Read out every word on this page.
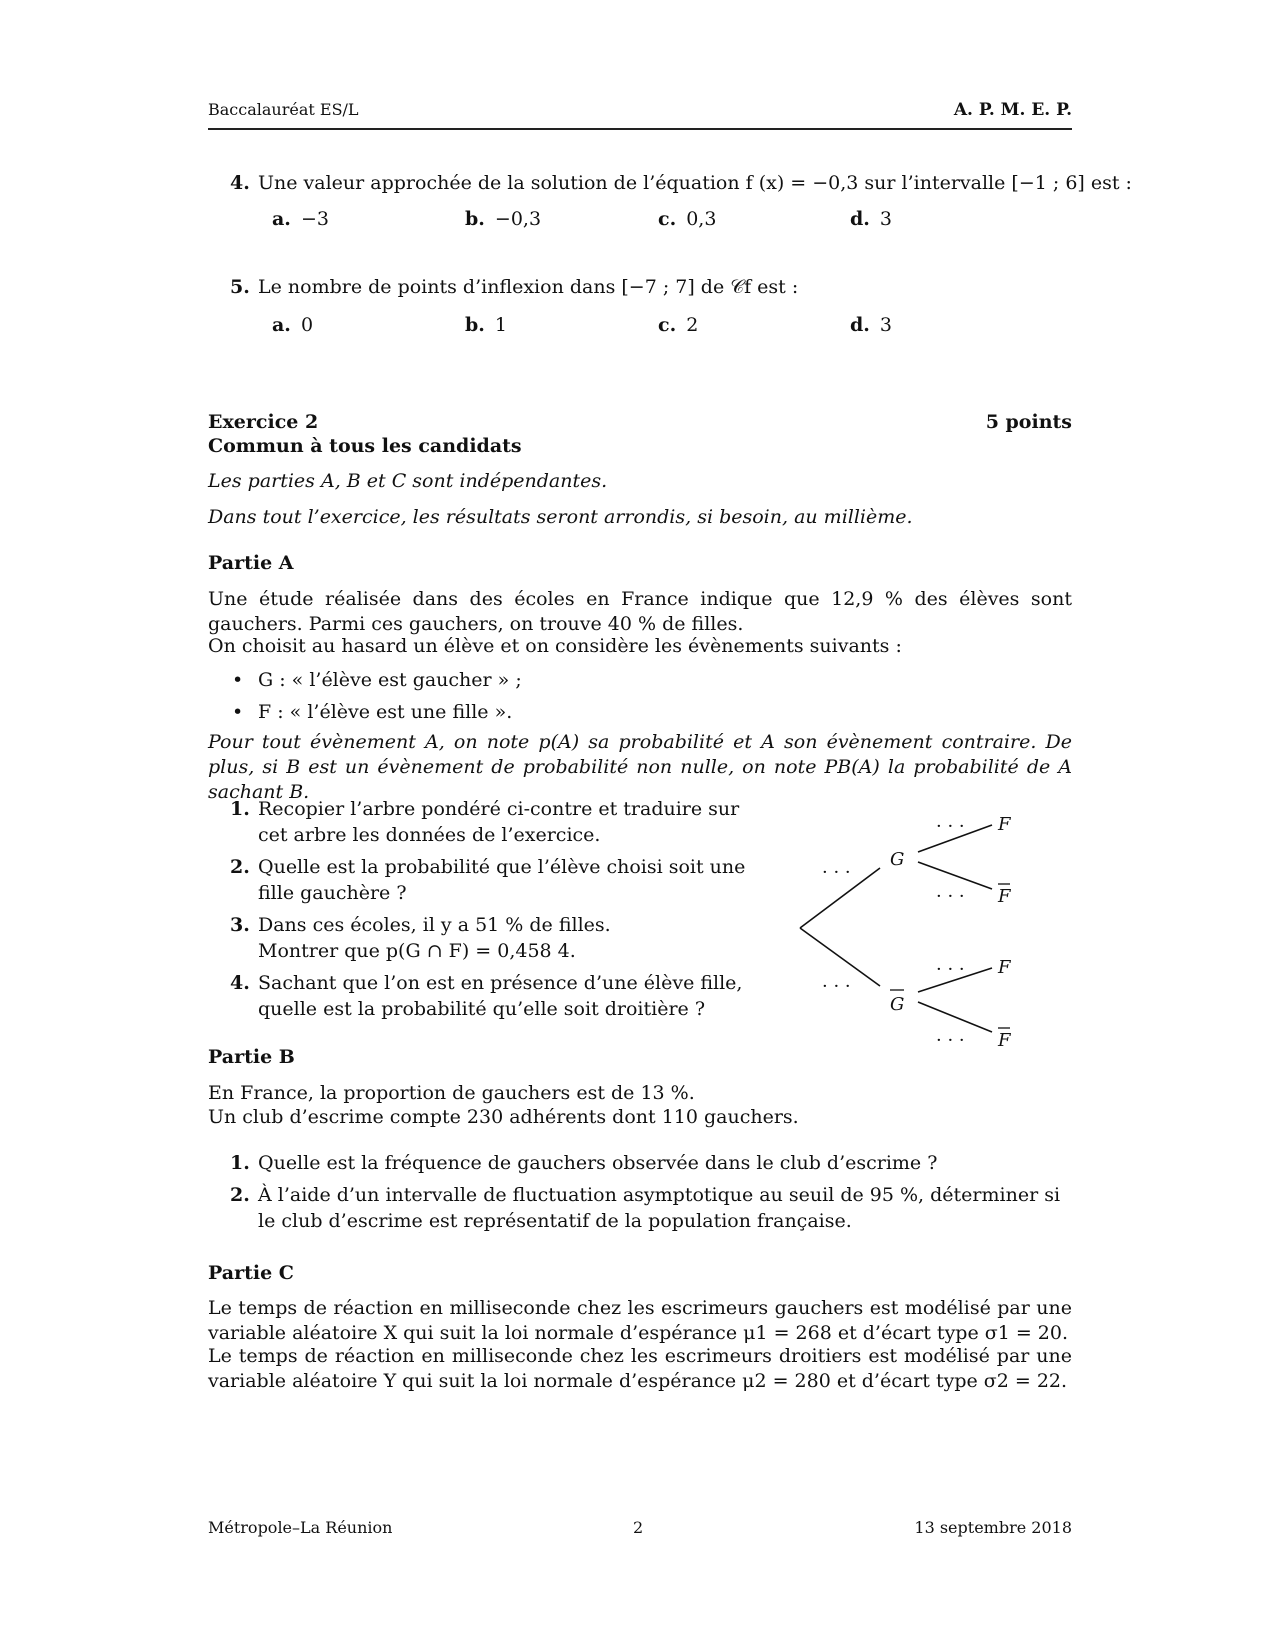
Baccalauréat ES/L	A. P. M. E. P.
4. Une valeur approchée de la solution de l’équation f (x) = −0,3 sur l’intervalle [−1 ; 6] est :
a. −3	b. −0,3	c. 0,3	d. 3
5. Le nombre de points d’inflexion dans [−7 ; 7] de 𝒞f est :
a. 0	b. 1	c. 2	d. 3
Exercice 2	5 points
Commun à tous les candidats
Les parties A, B et C sont indépendantes.
Dans tout l’exercice, les résultats seront arrondis, si besoin, au millième.
Partie A
Une étude réalisée dans des écoles en France indique que 12,9 % des élèves sont gauchers. Parmi ces gauchers, on trouve 40 % de filles.
On choisit au hasard un élève et on considère les évènements suivants :
• G : « l’élève est gaucher » ;
• F : « l’élève est une fille ».
Pour tout évènement A, on note p(A) sa probabilité et A son évènement contraire. De plus, si B est un évènement de probabilité non nulle, on note PB(A) la probabilité de A sachant B.
1. Recopier l’arbre pondéré ci-contre et traduire sur cet arbre les données de l’exercice.
2. Quelle est la probabilité que l’élève choisi soit une fille gauchère ?
3. Dans ces écoles, il y a 51 % de filles.
Montrer que p(G ∩ F) = 0,458 4.
4. Sachant que l’on est en présence d’une élève fille, quelle est la probabilité qu’elle soit droitière ?
· · ·
· · ·
· · ·
· · ·
· · ·
· · ·
G
G
F
F
F
F
Partie B
En France, la proportion de gauchers est de 13 %.
Un club d’escrime compte 230 adhérents dont 110 gauchers.
1. Quelle est la fréquence de gauchers observée dans le club d’escrime ?
2. À l’aide d’un intervalle de fluctuation asymptotique au seuil de 95 %, déterminer si le club d’escrime est représentatif de la population française.
Partie C
Le temps de réaction en milliseconde chez les escrimeurs gauchers est modélisé par une variable aléatoire X qui suit la loi normale d’espérance μ1 = 268 et d’écart type σ1 = 20.
Le temps de réaction en milliseconde chez les escrimeurs droitiers est modélisé par une variable aléatoire Y qui suit la loi normale d’espérance μ2 = 280 et d’écart type σ2 = 22.
Métropole–La Réunion	2	13 septembre 2018
